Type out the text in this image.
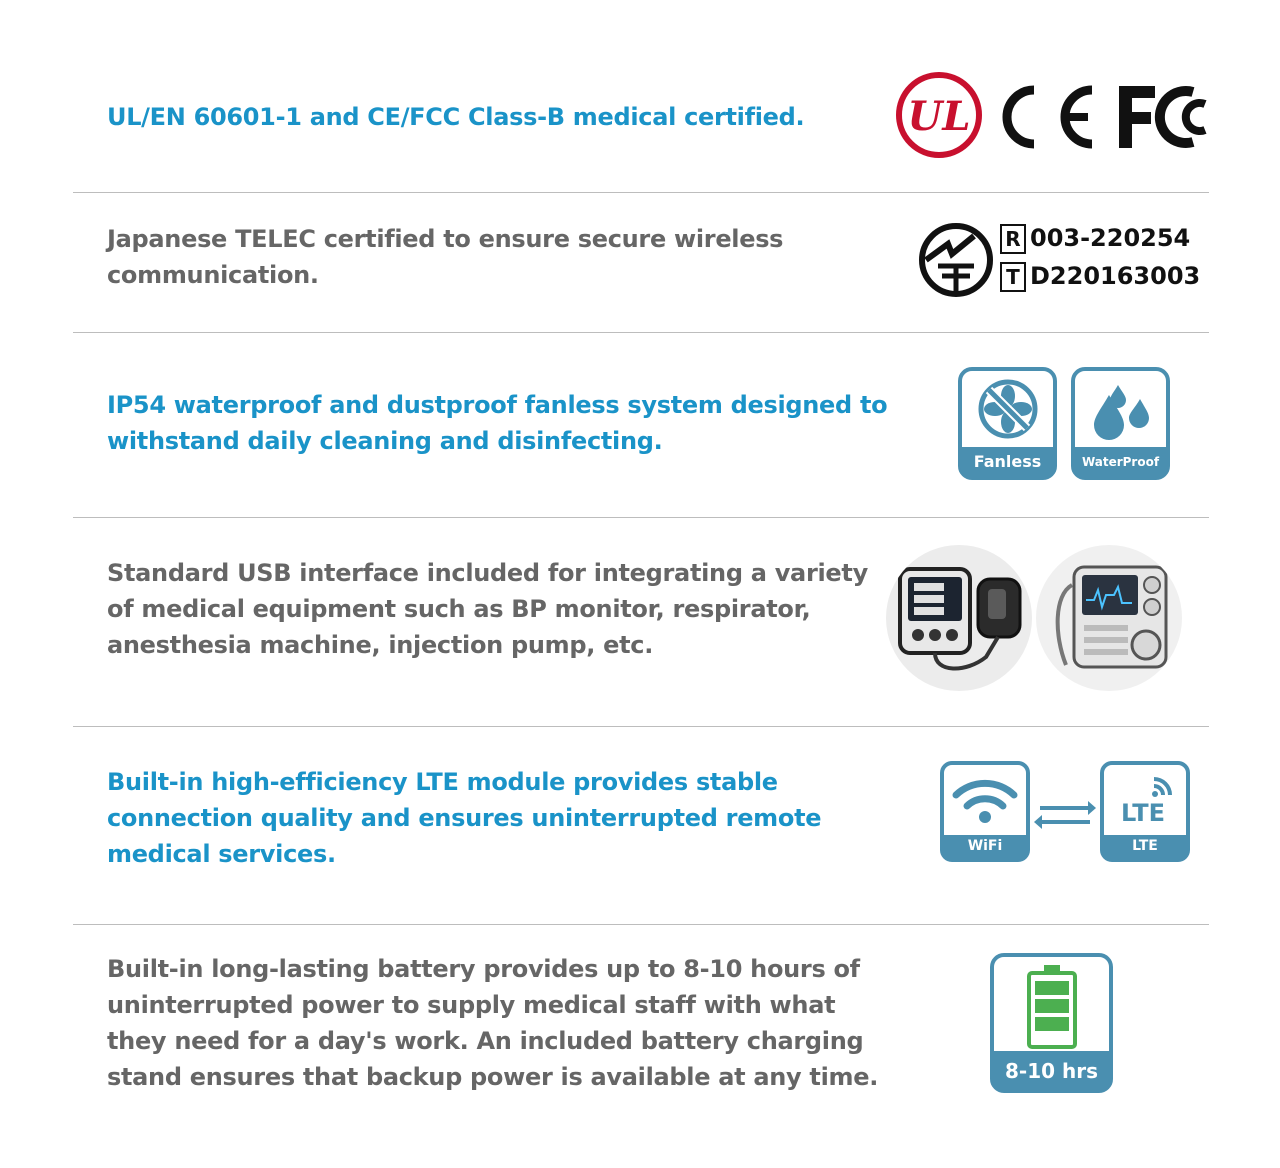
UL/EN 60601-1 and CE/FCC Class-B medical certified.	UL

Japanese TELEC certified to ensure secure wireless
communication.

R 003-220254
T D220163003

IP54 waterproof and dustproof fanless system designed to
withstand daily cleaning and disinfecting.

Fanless	WaterProof

Standard USB interface included for integrating a variety
of medical equipment such as BP monitor, respirator,
anesthesia machine, injection pump, etc.

Built-in high-efficiency LTE module provides stable
connection quality and ensures uninterrupted remote
medical services.	WiFi
LTE
LTE

Built-in long-lasting battery provides up to 8-10 hours of
uninterrupted power to supply medical staff with what
they need for a day's work. An included battery charging
stand ensures that backup power is available at any time.	8-10 hrs
